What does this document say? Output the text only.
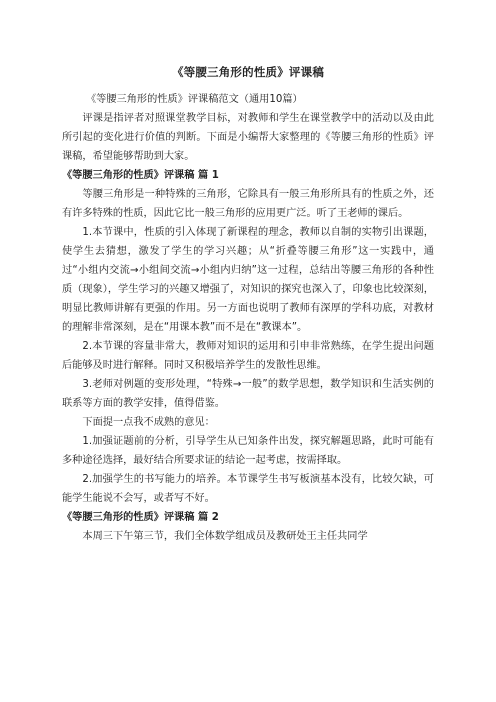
《等腰三角形的性质》评课稿

《等腰三角形的性质》评课稿范文（通用10篇）

评课是指评者对照课堂教学目标，对教师和学生在课堂教学中的活动以及由此所引起的变化进行价值的判断。下面是小编帮大家整理的《等腰三角形的性质》评课稿，希望能够帮助到大家。

《等腰三角形的性质》评课稿 篇 1

等腰三角形是一种特殊的三角形，它除具有一般三角形所具有的性质之外，还有许多特殊的性质，因此它比一般三角形的应用更广泛。听了王老师的课后。

1.本节课中，性质的引入体现了新课程的理念，教师以自制的实物引出课题，使学生去猜想，激发了学生的学习兴趣；从“折叠等腰三角形”这一实践中，通过“小组内交流→小组间交流→小组内归纳”这一过程，总结出等腰三角形的各种性质（现象），学生学习的兴趣又增强了，对知识的探究也深入了，印象也比较深刻，明显比教师讲解有更强的作用。另一方面也说明了教师有深厚的学科功底，对教材的理解非常深刻，是在“用课本教”而不是在“教课本”。

2.本节课的容量非常大，教师对知识的运用和引申非常熟练，在学生提出问题后能够及时进行解释。同时又积极培养学生的发散性思维。

3.老师对例题的变形处理，“特殊→一般”的数学思想，数学知识和生活实例的联系等方面的教学安排，值得借鉴。

下面提一点我不成熟的意见：

1.加强证题前的分析，引导学生从已知条件出发，探究解题思路，此时可能有多种途径选择，最好结合所要求证的结论一起考虑，按需择取。

2.加强学生的书写能力的培养。本节课学生书写板演基本没有，比较欠缺，可能学生能说不会写，或者写不好。

《等腰三角形的性质》评课稿 篇 2

本周三下午第三节，我们全体数学组成员及教研处王主任共同学
